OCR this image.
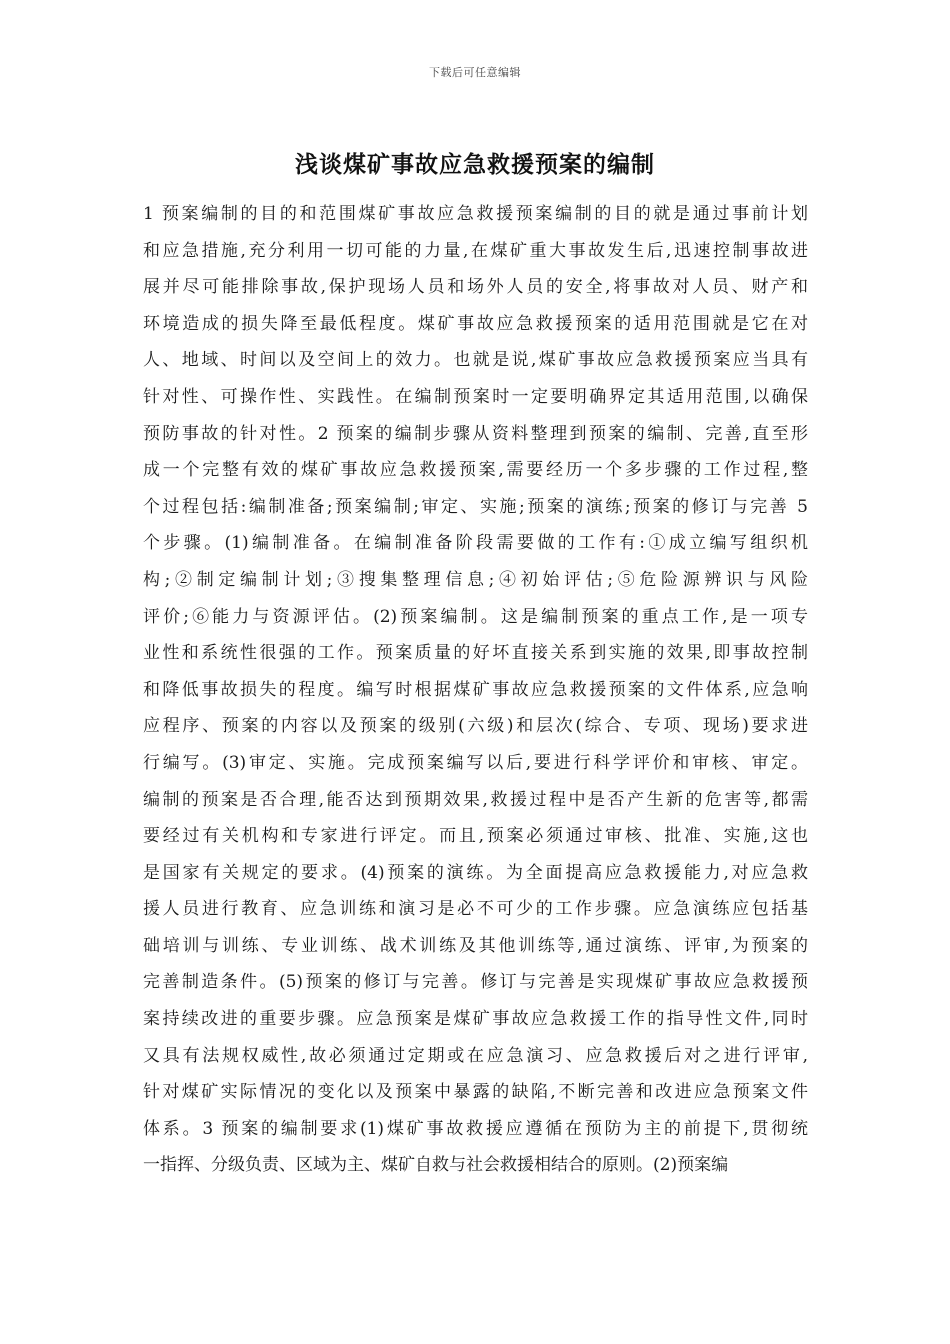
下载后可任意编辑
浅谈煤矿事故应急救援预案的编制
1 预案编制的目的和范围煤矿事故应急救援预案编制的目的就是通过事前计划
和应急措施,充分利用一切可能的力量,在煤矿重大事故发生后,迅速控制事故进
展并尽可能排除事故,保护现场人员和场外人员的安全,将事故对人员、财产和
环境造成的损失降至最低程度。煤矿事故应急救援预案的适用范围就是它在对
人、地域、时间以及空间上的效力。也就是说,煤矿事故应急救援预案应当具有
针对性、可操作性、实践性。在编制预案时一定要明确界定其适用范围,以确保
预防事故的针对性。2 预案的编制步骤从资料整理到预案的编制、完善,直至形
成一个完整有效的煤矿事故应急救援预案,需要经历一个多步骤的工作过程,整
个过程包括:编制准备;预案编制;审定、实施;预案的演练;预案的修订与完善 5
个步骤。(1)编制准备。在编制准备阶段需要做的工作有:①成立编写组织机
构;②制定编制计划;③搜集整理信息;④初始评估;⑤危险源辨识与风险
评价;⑥能力与资源评估。(2)预案编制。这是编制预案的重点工作,是一项专
业性和系统性很强的工作。预案质量的好坏直接关系到实施的效果,即事故控制
和降低事故损失的程度。编写时根据煤矿事故应急救援预案的文件体系,应急响
应程序、预案的内容以及预案的级别(六级)和层次(综合、专项、现场)要求进
行编写。(3)审定、实施。完成预案编写以后,要进行科学评价和审核、审定。
编制的预案是否合理,能否达到预期效果,救援过程中是否产生新的危害等,都需
要经过有关机构和专家进行评定。而且,预案必须通过审核、批准、实施,这也
是国家有关规定的要求。(4)预案的演练。为全面提高应急救援能力,对应急救
援人员进行教育、应急训练和演习是必不可少的工作步骤。应急演练应包括基
础培训与训练、专业训练、战术训练及其他训练等,通过演练、评审,为预案的
完善制造条件。(5)预案的修订与完善。修订与完善是实现煤矿事故应急救援预
案持续改进的重要步骤。应急预案是煤矿事故应急救援工作的指导性文件,同时
又具有法规权威性,故必须通过定期或在应急演习、应急救援后对之进行评审,
针对煤矿实际情况的变化以及预案中暴露的缺陷,不断完善和改进应急预案文件
体系。3 预案的编制要求(1)煤矿事故救援应遵循在预防为主的前提下,贯彻统
一指挥、分级负责、区域为主、煤矿自救与社会救援相结合的原则。(2)预案编
